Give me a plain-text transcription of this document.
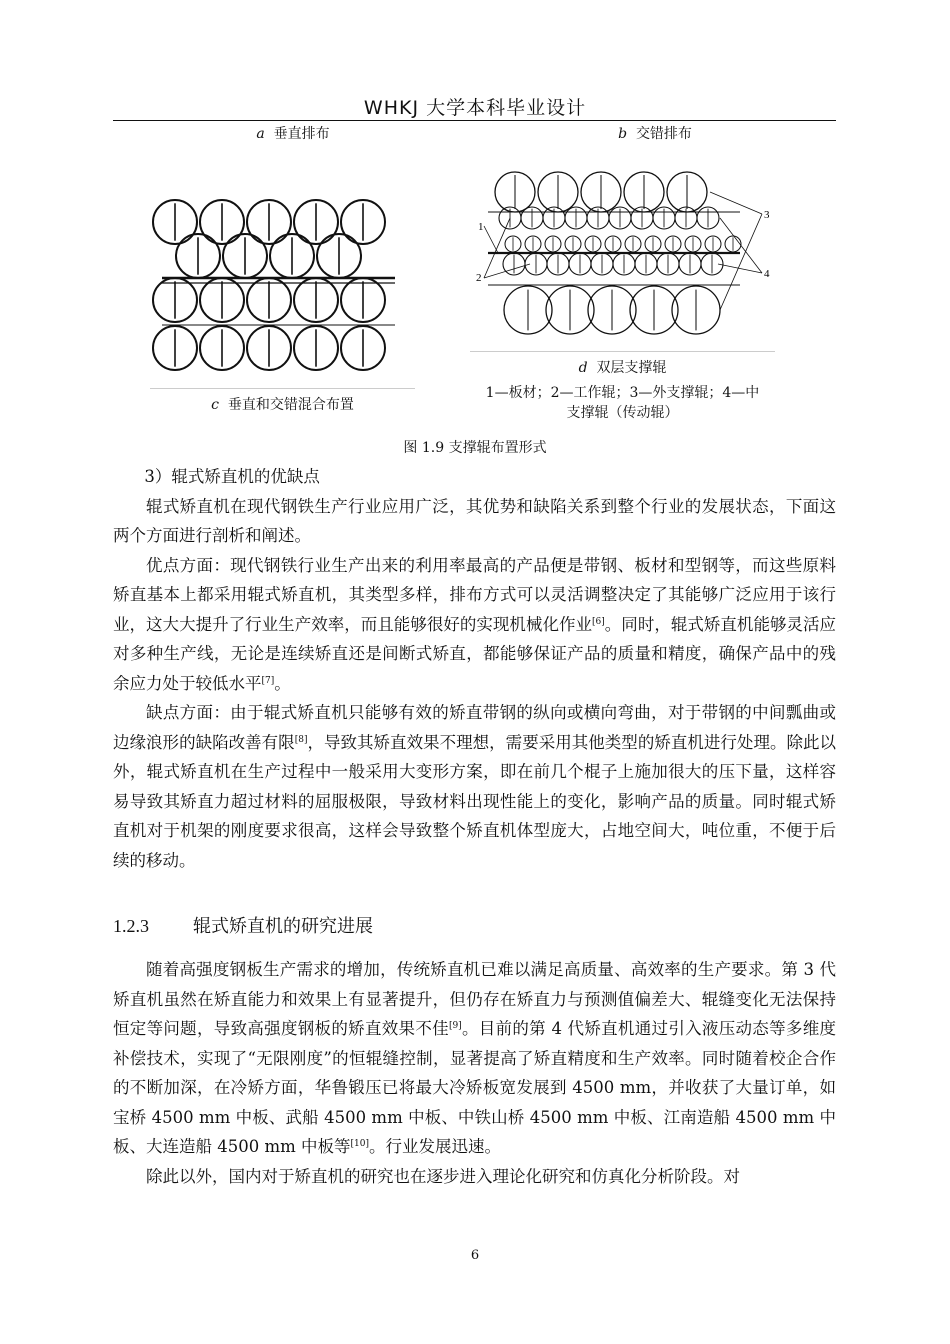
WHKJ 大学本科毕业设计
a 垂直排布	b 交错排布
1
2
3
4
c 垂直和交错混合布置
d 双层支撑辊
1—板材；2—工作辊；3—外支撑辊；4—中
支撑辊（传动辊）
图 1.9 支撑辊布置形式

3）辊式矫直机的优缺点

辊式矫直机在现代钢铁生产行业应用广泛，其优势和缺陷关系到整个行业的发展状态，下面这两个方面进行剖析和阐述。

优点方面：现代钢铁行业生产出来的利用率最高的产品便是带钢、板材和型钢等，而这些原料矫直基本上都采用辊式矫直机，其类型多样，排布方式可以灵活调整决定了其能够广泛应用于该行业，这大大提升了行业生产效率，而且能够很好的实现机械化作业[6]。同时，辊式矫直机能够灵活应对多种生产线，无论是连续矫直还是间断式矫直，都能够保证产品的质量和精度，确保产品中的残余应力处于较低水平[7]。

缺点方面：由于辊式矫直机只能够有效的矫直带钢的纵向或横向弯曲，对于带钢的中间瓢曲或边缘浪形的缺陷改善有限[8]，导致其矫直效果不理想，需要采用其他类型的矫直机进行处理。除此以外，辊式矫直机在生产过程中一般采用大变形方案，即在前几个棍子上施加很大的压下量，这样容易导致其矫直力超过材料的屈服极限，导致材料出现性能上的变化，影响产品的质量。同时辊式矫直机对于机架的刚度要求很高，这样会导致整个矫直机体型庞大，占地空间大，吨位重，不便于后续的移动。

1.2.3 辊式矫直机的研究进展

随着高强度钢板生产需求的增加，传统矫直机已难以满足高质量、高效率的生产要求。第 3 代矫直机虽然在矫直能力和效果上有显著提升，但仍存在矫直力与预测值偏差大、辊缝变化无法保持恒定等问题，导致高强度钢板的矫直效果不佳[9]。目前的第 4 代矫直机通过引入液压动态等多维度补偿技术，实现了“无限刚度”的恒辊缝控制，显著提高了矫直精度和生产效率。同时随着校企合作的不断加深，在冷矫方面，华鲁锻压已将最大冷矫板宽发展到 4500 mm，并收获了大量订单，如宝桥 4500 mm 中板、武船 4500 mm 中板、中铁山桥 4500 mm 中板、江南造船 4500 mm 中板、大连造船 4500 mm 中板等[10]。行业发展迅速。

除此以外，国内对于矫直机的研究也在逐步进入理论化研究和仿真化分析阶段。对

6
